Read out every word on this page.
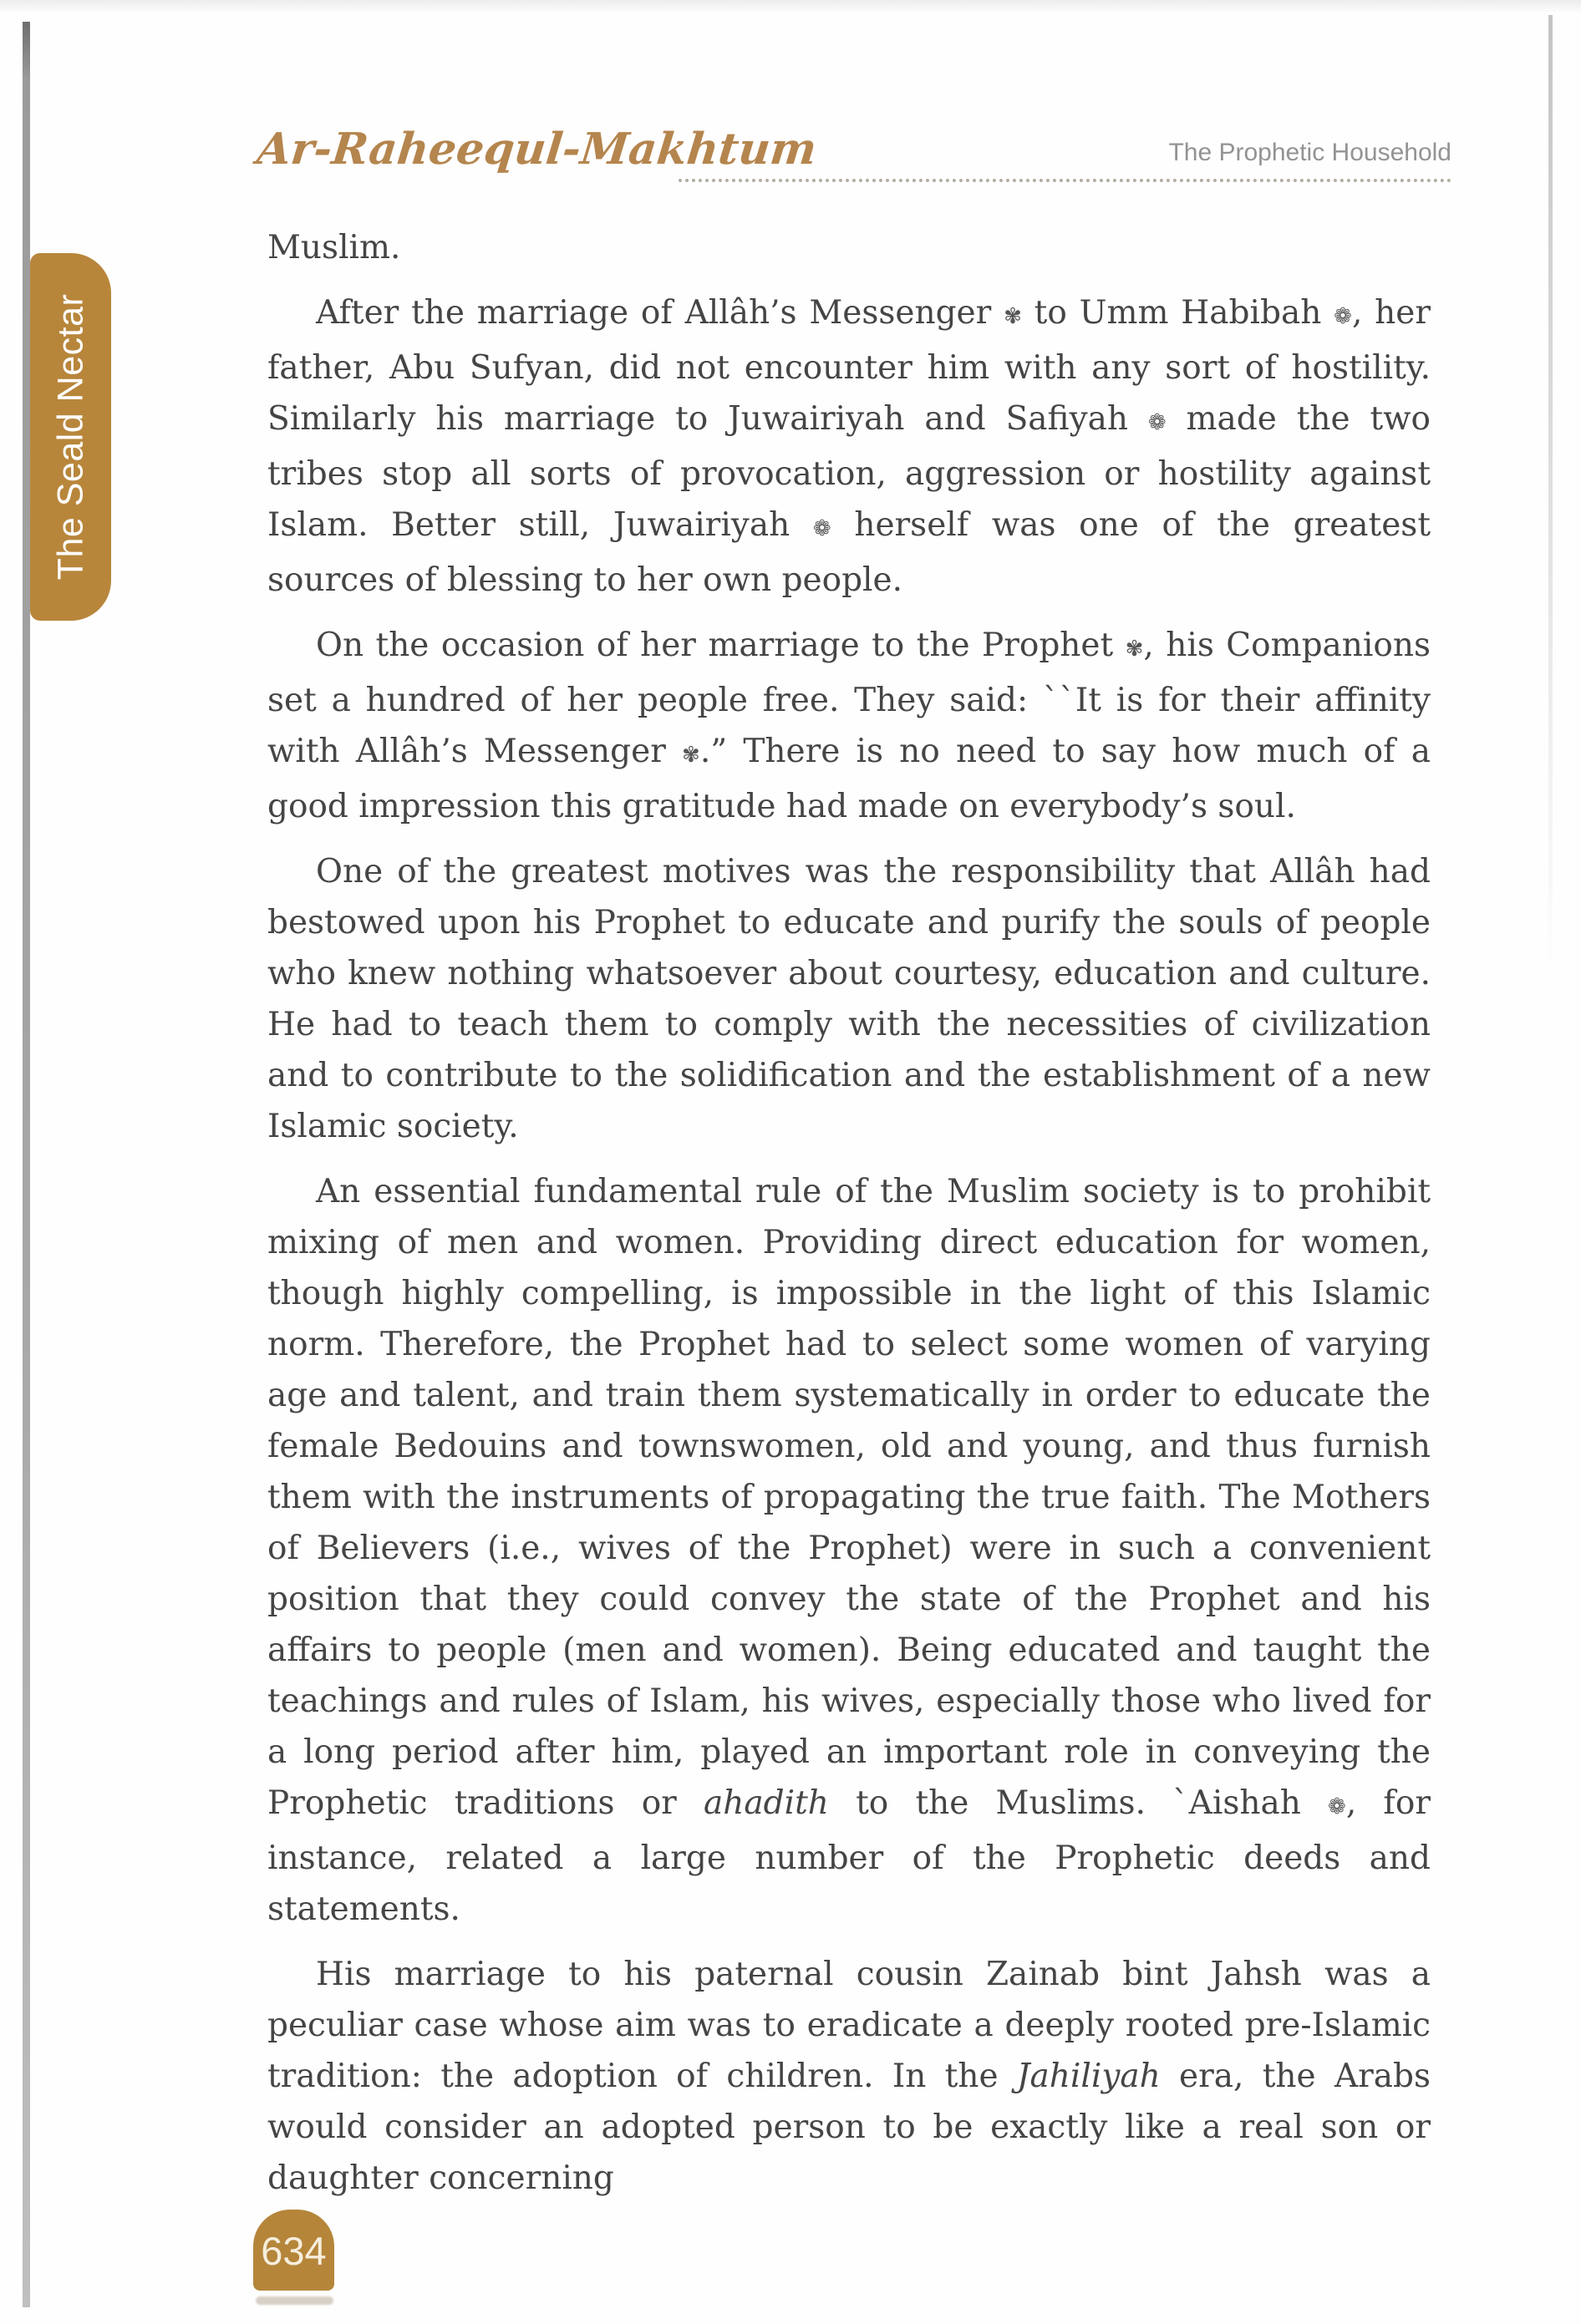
Ar-Raheequl-Makhtum	The Prophetic Household
The Seald Nectar

Muslim.

After the marriage of Allâh’s Messenger ✾ to Umm Habibah ❁, her father, Abu Sufyan, did not encounter him with any sort of hostility. Similarly his marriage to Juwairiyah and Safiyah ❁ made the two tribes stop all sorts of provocation, aggression or hostility against Islam. Better still, Juwairiyah ❁ herself was one of the greatest sources of blessing to her own people.

On the occasion of her marriage to the Prophet ✾, his Companions set a hundred of her people free. They said: ``It is for their affinity with Allâh’s Messenger ✾.” There is no need to say how much of a good impression this gratitude had made on everybody’s soul.

One of the greatest motives was the responsibility that Allâh had bestowed upon his Prophet to educate and purify the souls of people who knew nothing whatsoever about courtesy, education and culture. He had to teach them to comply with the necessities of civilization and to contribute to the solidification and the establishment of a new Islamic society.

An essential fundamental rule of the Muslim society is to prohibit mixing of men and women. Providing direct education for women, though highly compelling, is impossible in the light of this Islamic norm. Therefore, the Prophet had to select some women of varying age and talent, and train them systematically in order to educate the female Bedouins and townswomen, old and young, and thus furnish them with the instruments of propagating the true faith. The Mothers of Believers (i.e., wives of the Prophet) were in such a convenient position that they could convey the state of the Prophet and his affairs to people (men and women). Being educated and taught the teachings and rules of Islam, his wives, especially those who lived for a long period after him, played an important role in conveying the Prophetic traditions or ahadith to the Muslims. `Aishah ❁, for instance, related a large number of the Prophetic deeds and statements.

His marriage to his paternal cousin Zainab bint Jahsh was a peculiar case whose aim was to eradicate a deeply rooted pre-Islamic tradition: the adoption of children. In the Jahiliyah era, the Arabs would consider an adopted person to be exactly like a real son or daughter concerning

634
